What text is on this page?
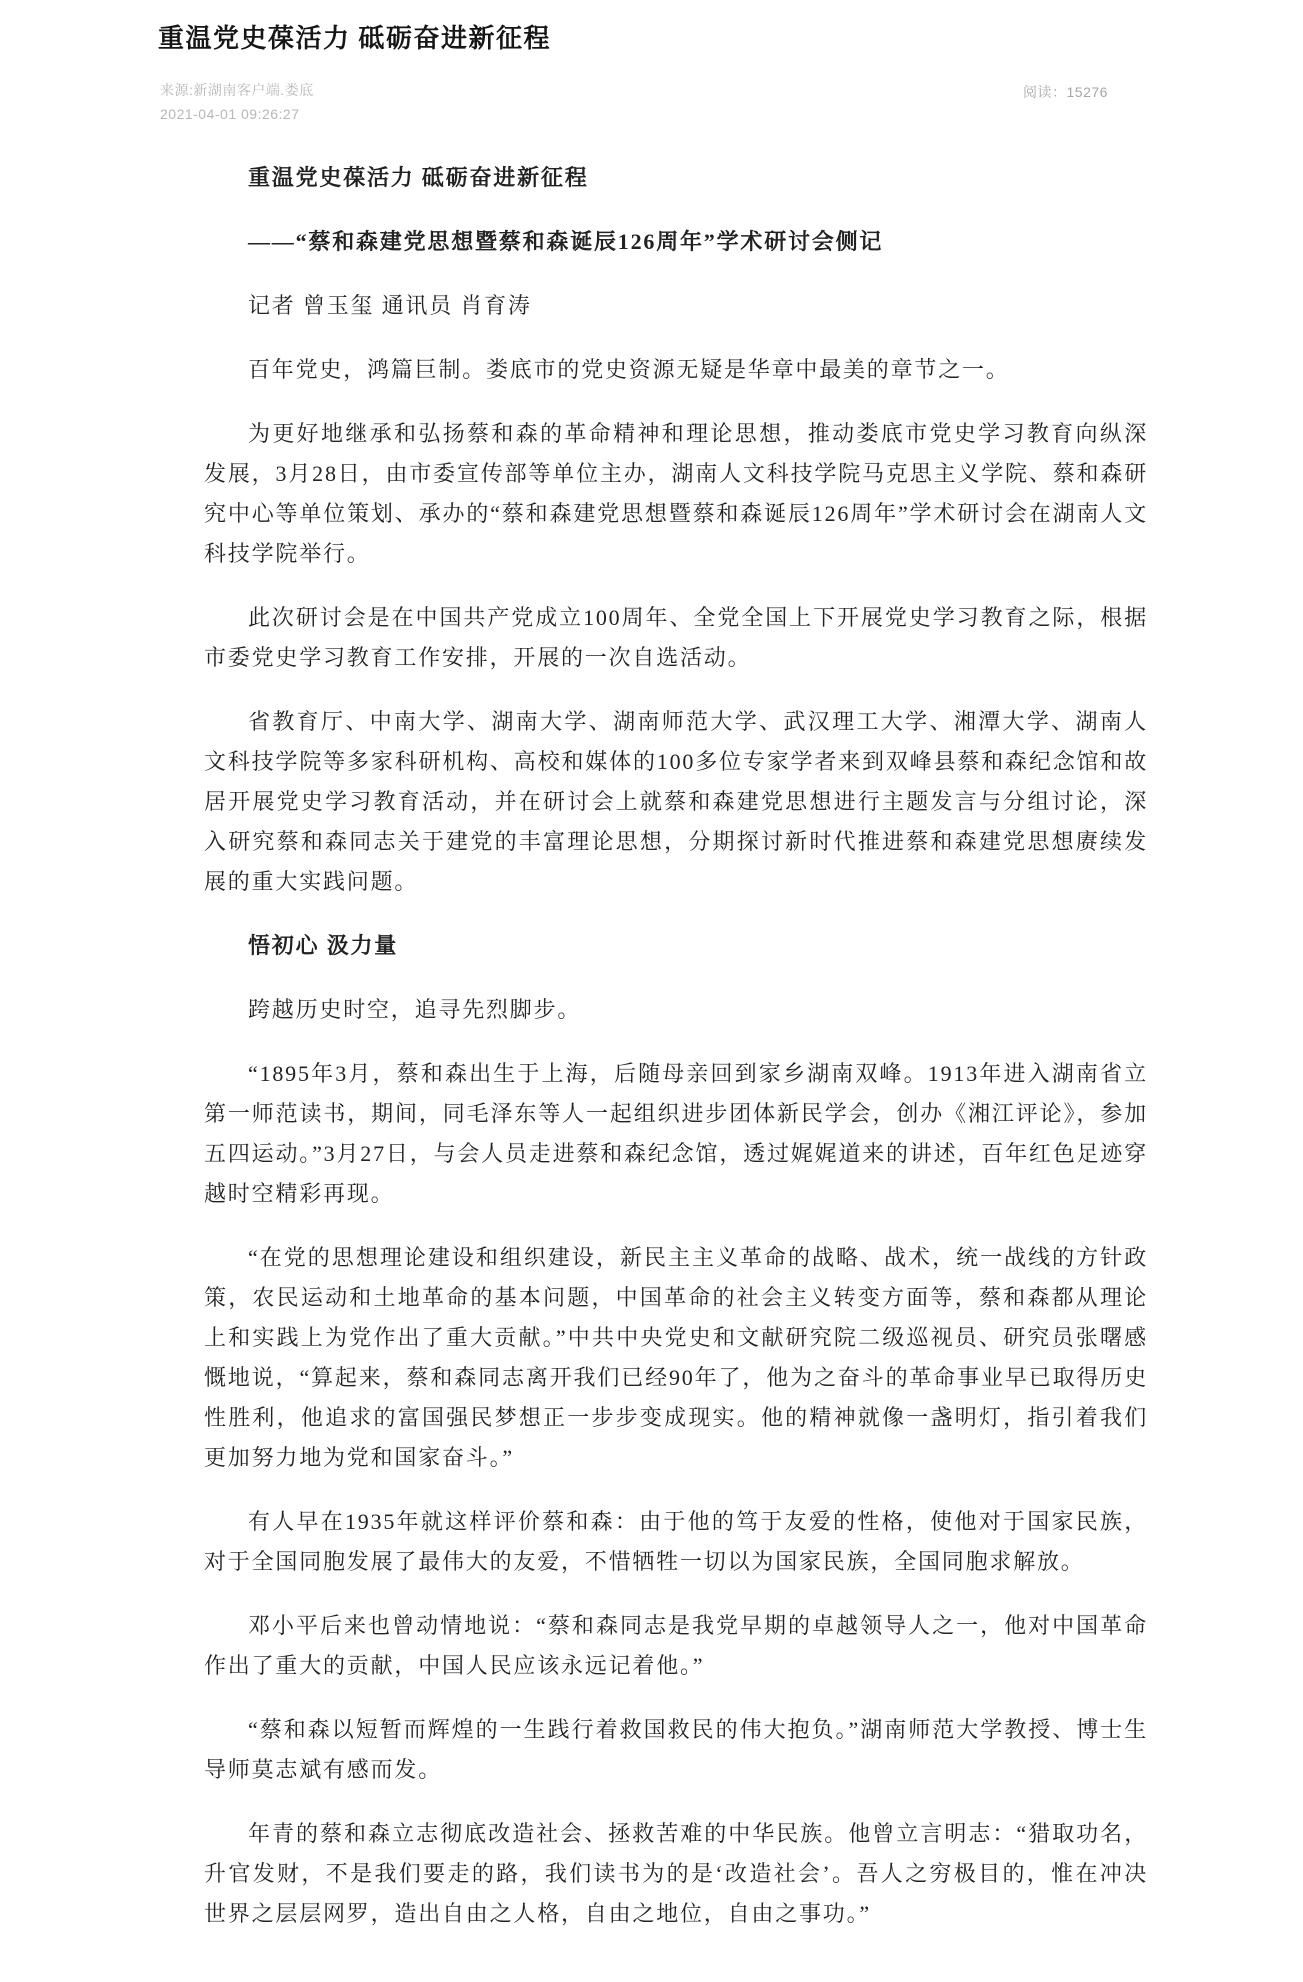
重温党史葆活力 砥砺奋进新征程
来源:新湖南客户端.娄底
2021-04-01 09:26:27
阅读：15276
重温党史葆活力 砥砺奋进新征程
——“蔡和森建党思想暨蔡和森诞辰126周年”学术研讨会侧记
记者 曾玉玺 通讯员 肖育涛
百年党史，鸿篇巨制。娄底市的党史资源无疑是华章中最美的章节之一。
为更好地继承和弘扬蔡和森的革命精神和理论思想，推动娄底市党史学习教育向纵深发展，3月28日，由市委宣传部等单位主办，湖南人文科技学院马克思主义学院、蔡和森研究中心等单位策划、承办的“蔡和森建党思想暨蔡和森诞辰126周年”学术研讨会在湖南人文科技学院举行。
此次研讨会是在中国共产党成立100周年、全党全国上下开展党史学习教育之际，根据市委党史学习教育工作安排，开展的一次自选活动。
省教育厅、中南大学、湖南大学、湖南师范大学、武汉理工大学、湘潭大学、湖南人文科技学院等多家科研机构、高校和媒体的100多位专家学者来到双峰县蔡和森纪念馆和故居开展党史学习教育活动，并在研讨会上就蔡和森建党思想进行主题发言与分组讨论，深入研究蔡和森同志关于建党的丰富理论思想，分期探讨新时代推进蔡和森建党思想赓续发展的重大实践问题。
悟初心 汲力量
跨越历史时空，追寻先烈脚步。
“1895年3月，蔡和森出生于上海，后随母亲回到家乡湖南双峰。1913年进入湖南省立第一师范读书，期间，同毛泽东等人一起组织进步团体新民学会，创办《湘江评论》，参加五四运动。”3月27日，与会人员走进蔡和森纪念馆，透过娓娓道来的讲述，百年红色足迹穿越时空精彩再现。
“在党的思想理论建设和组织建设，新民主主义革命的战略、战术，统一战线的方针政策，农民运动和土地革命的基本问题，中国革命的社会主义转变方面等，蔡和森都从理论上和实践上为党作出了重大贡献。”中共中央党史和文献研究院二级巡视员、研究员张曙感慨地说，“算起来，蔡和森同志离开我们已经90年了，他为之奋斗的革命事业早已取得历史性胜利，他追求的富国强民梦想正一步步变成现实。他的精神就像一盏明灯，指引着我们更加努力地为党和国家奋斗。”
有人早在1935年就这样评价蔡和森：由于他的笃于友爱的性格，使他对于国家民族，对于全国同胞发展了最伟大的友爱，不惜牺牲一切以为国家民族，全国同胞求解放。
邓小平后来也曾动情地说：“蔡和森同志是我党早期的卓越领导人之一，他对中国革命作出了重大的贡献，中国人民应该永远记着他。”
“蔡和森以短暂而辉煌的一生践行着救国救民的伟大抱负。”湖南师范大学教授、博士生导师莫志斌有感而发。
年青的蔡和森立志彻底改造社会、拯救苦难的中华民族。他曾立言明志：“猎取功名，升官发财，不是我们要走的路，我们读书为的是‘改造社会’。吾人之穷极目的，惟在冲决世界之层层网罗，造出自由之人格，自由之地位，自由之事功。”
